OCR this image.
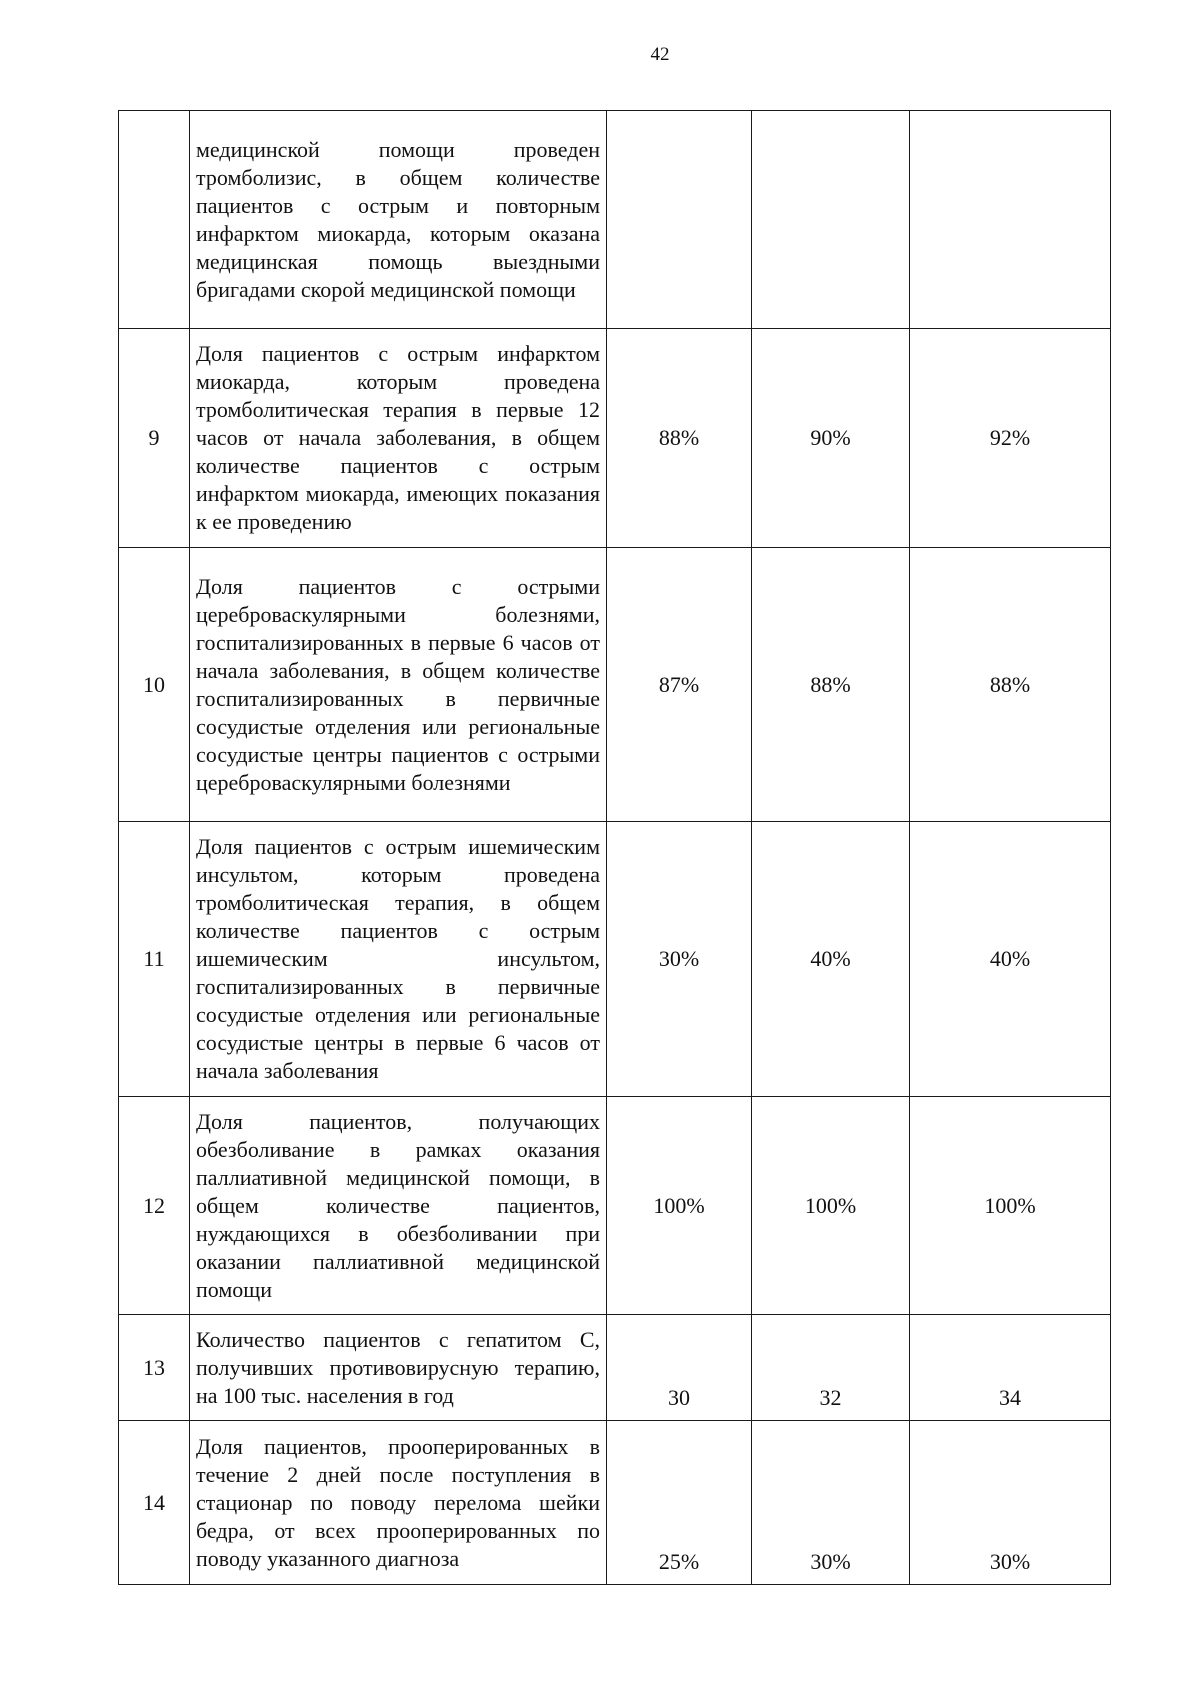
42
	медицинской помощи проведен тромболизис, в общем количестве пациентов с острым и повторным инфарктом миокарда, которым оказана медицинская помощь выездными бригадами скорой медицинской помощи			
9	Доля пациентов с острым инфарктом миокарда, которым проведена тромболитическая терапия в первые 12 часов от начала заболевания, в общем количестве пациентов с острым инфарктом миокарда, имеющих показания к ее проведению	88%	90%	92%
10	Доля пациентов с острыми цереброваскулярными болезнями, госпитализированных в первые 6 часов от начала заболевания, в общем количестве госпитализированных в первичные сосудистые отделения или региональные сосудистые центры пациентов с острыми цереброваскулярными болезнями	87%	88%	88%
11	Доля пациентов с острым ишемическим инсультом, которым проведена тромболитическая терапия, в общем количестве пациентов с острым ишемическим инсультом, госпитализированных в первичные сосудистые отделения или региональные сосудистые центры в первые 6 часов от начала заболевания	30%	40%	40%
12	Доля пациентов, получающих обезболивание в рамках оказания паллиативной медицинской помощи, в общем количестве пациентов, нуждающихся в обезболивании при оказании паллиативной медицинской помощи	100%	100%	100%
13	Количество пациентов с гепатитом С, получивших противовирусную терапию, на 100 тыс. населения в год	30	32	34
14	Доля пациентов, прооперированных в течение 2 дней после поступления в стационар по поводу перелома шейки бедра, от всех прооперированных по поводу указанного диагноза	25%	30%	30%
